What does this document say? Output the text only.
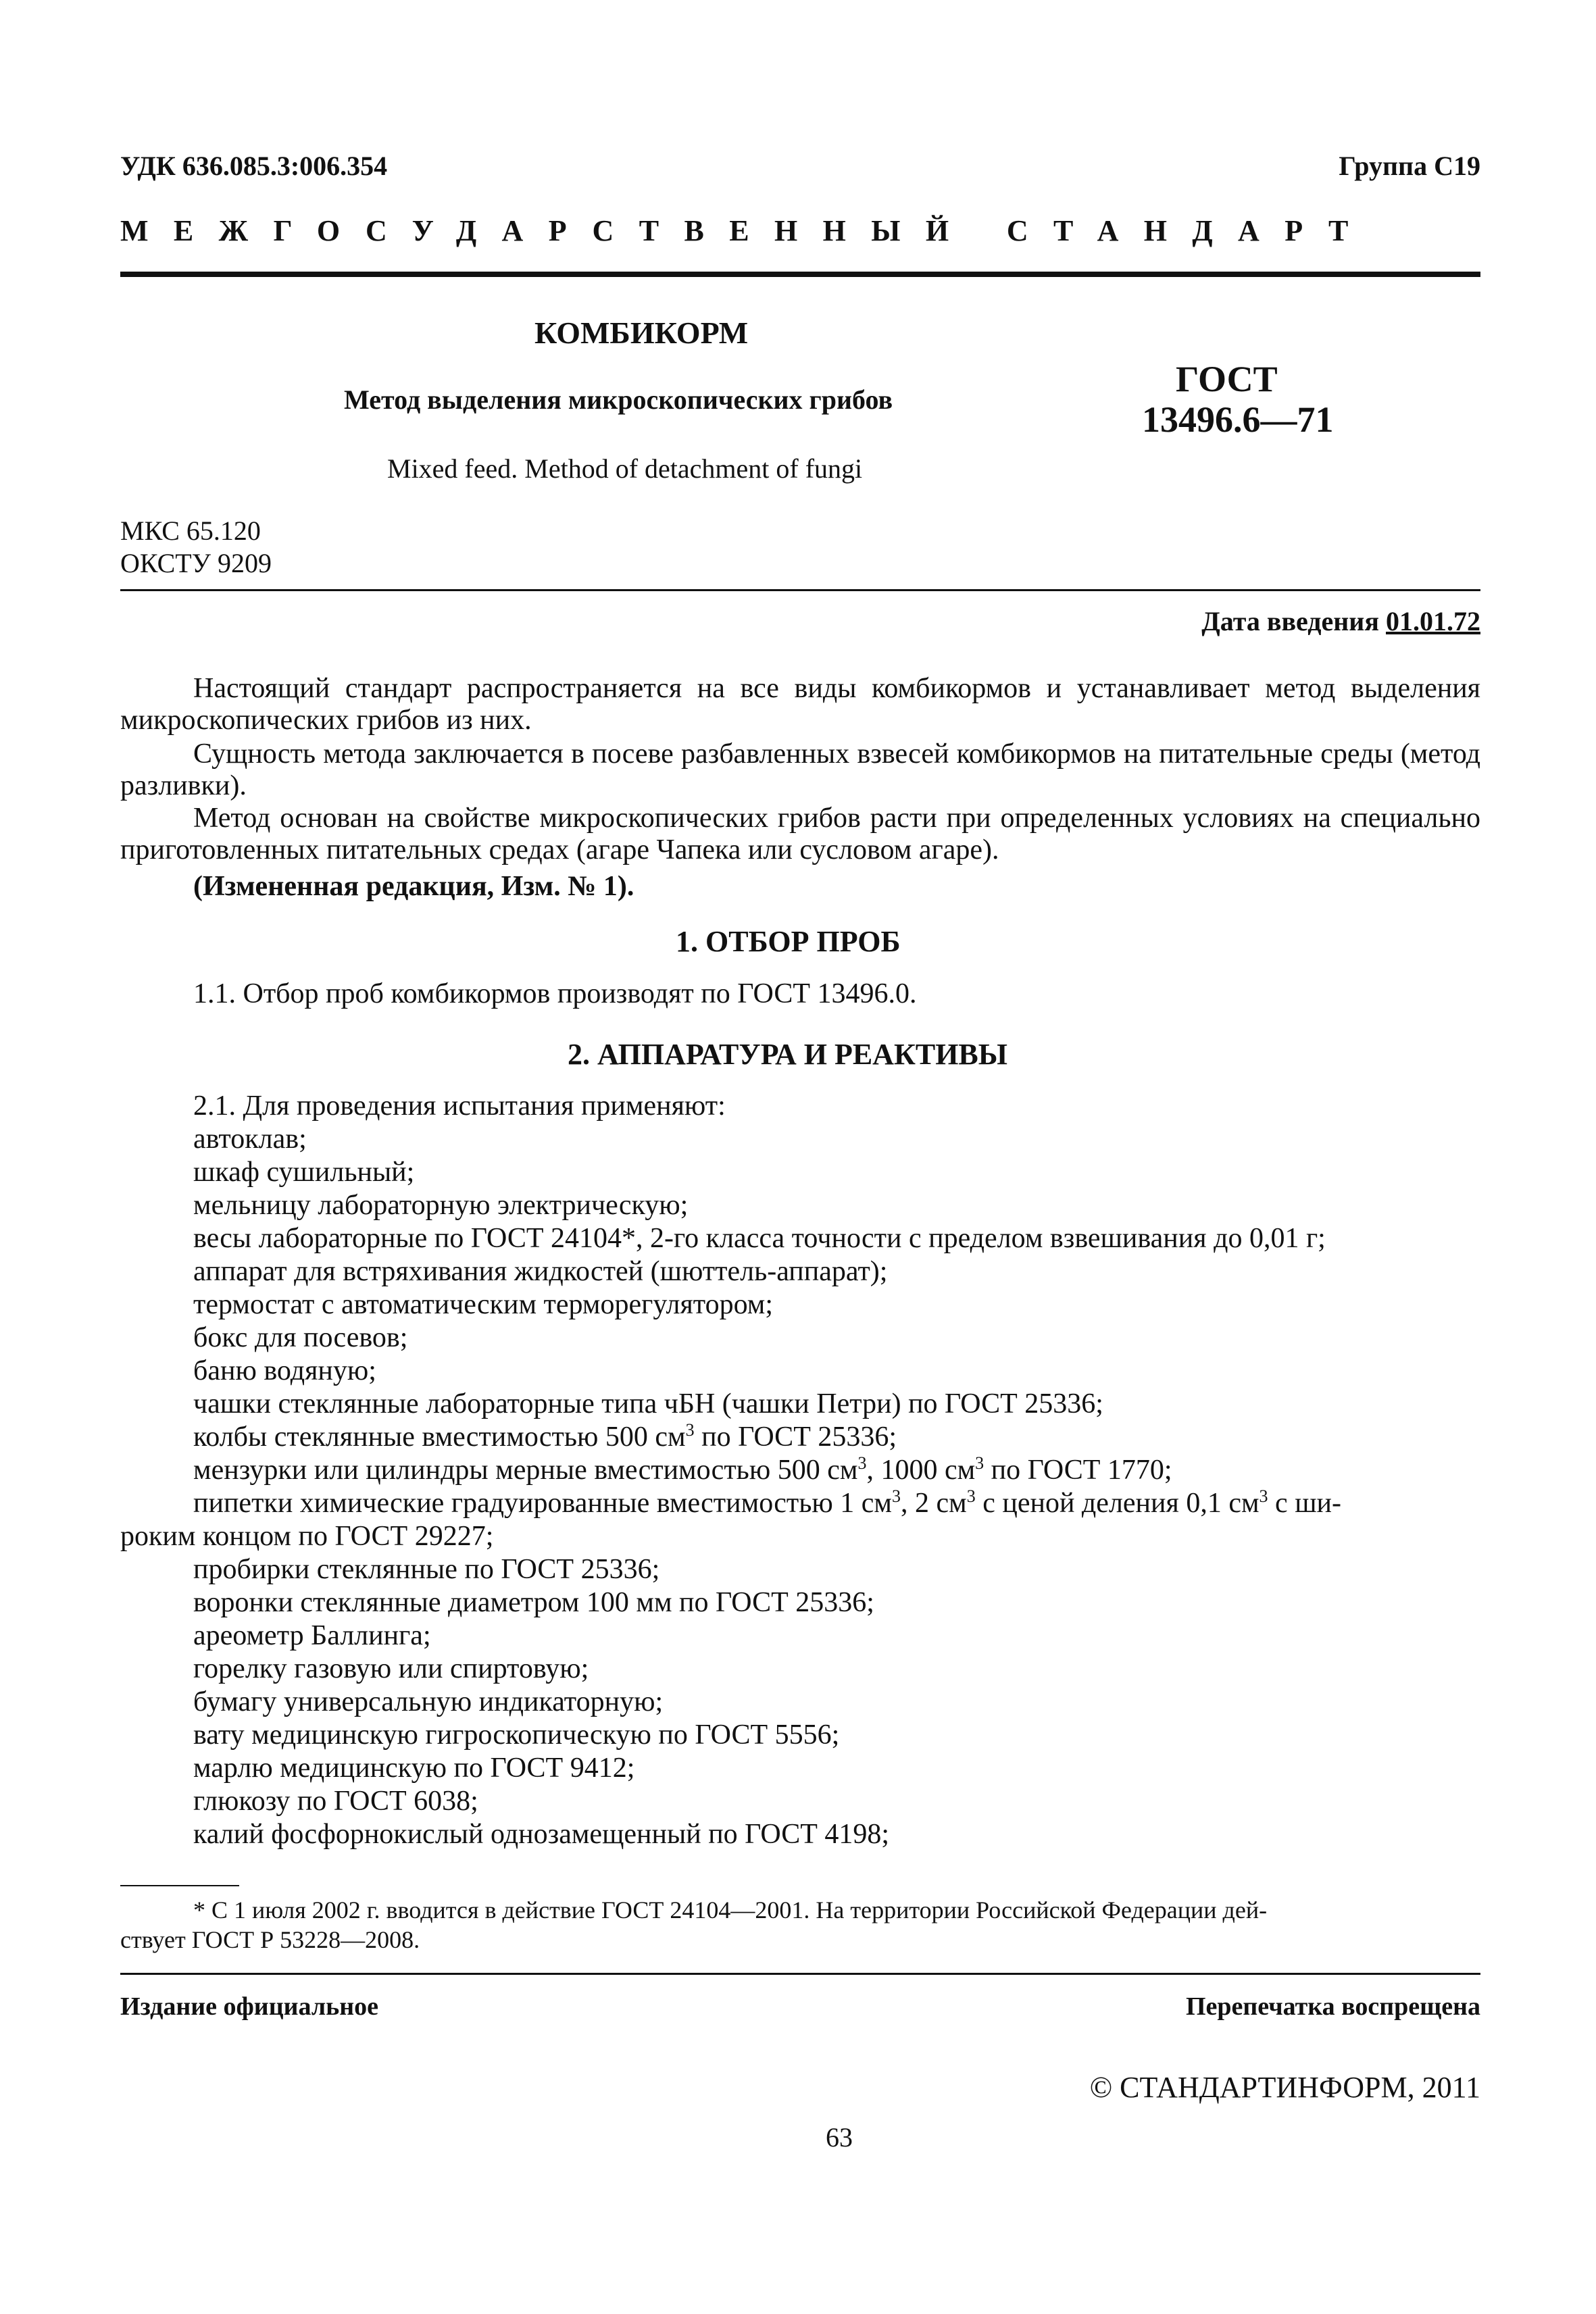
УДК 636.085.3:006.354	Группа С19
МЕЖГОСУДАРСТВЕННЫЙ СТАНДАРТ
КОМБИКОРМ
Метод выделения микроскопических грибов
Mixed feed. Method of detachment of fungi
ГОСТ
13496.6—71
МКС 65.120
ОКСТУ 9209
Дата введения 01.01.72
Настоящий стандарт распространяется на все виды комбикормов и устанавливает метод выделения микроскопических грибов из них.
Сущность метода заключается в посеве разбавленных взвесей комбикормов на питательные среды (метод разливки).
Метод основан на свойстве микроскопических грибов расти при определенных условиях на специально приготовленных питательных средах (агаре Чапека или сусловом агаре).
(Измененная редакция, Изм. № 1).
1. ОТБОР ПРОБ
1.1. Отбор проб комбикормов производят по ГОСТ 13496.0.
2. АППАРАТУРА И РЕАКТИВЫ
2.1. Для проведения испытания применяют:
автоклав;
шкаф сушильный;
мельницу лабораторную электрическую;
весы лабораторные по ГОСТ 24104*, 2-го класса точности с пределом взвешивания до 0,01 г;
аппарат для встряхивания жидкостей (шюттель-аппарат);
термостат с автоматическим терморегулятором;
бокс для посевов;
баню водяную;
чашки стеклянные лабораторные типа чБН (чашки Петри) по ГОСТ 25336;
колбы стеклянные вместимостью 500 $см^3$ по ГОСТ 25336;
мензурки или цилиндры мерные вместимостью 500 $см^3$, 1000 $см^3$ по ГОСТ 1770;
пипетки химические градуированные вместимостью 1 $см^3$, 2 $см^3$ с ценой деления 0,1 $см^3$ с ши-
роким концом по ГОСТ 29227;
пробирки стеклянные по ГОСТ 25336;
воронки стеклянные диаметром 100 мм по ГОСТ 25336;
ареометр Баллинга;
горелку газовую или спиртовую;
бумагу универсальную индикаторную;
вату медицинскую гигроскопическую по ГОСТ 5556;
марлю медицинскую по ГОСТ 9412;
глюкозу по ГОСТ 6038;
калий фосфорнокислый однозамещенный по ГОСТ 4198;
* С 1 июля 2002 г. вводится в действие ГОСТ 24104—2001. На территории Российской Федерации дей-
ствует ГОСТ Р 53228—2008.
Издание официальное	Перепечатка воспрещена
© СТАНДАРТИНФОРМ, 2011
63
